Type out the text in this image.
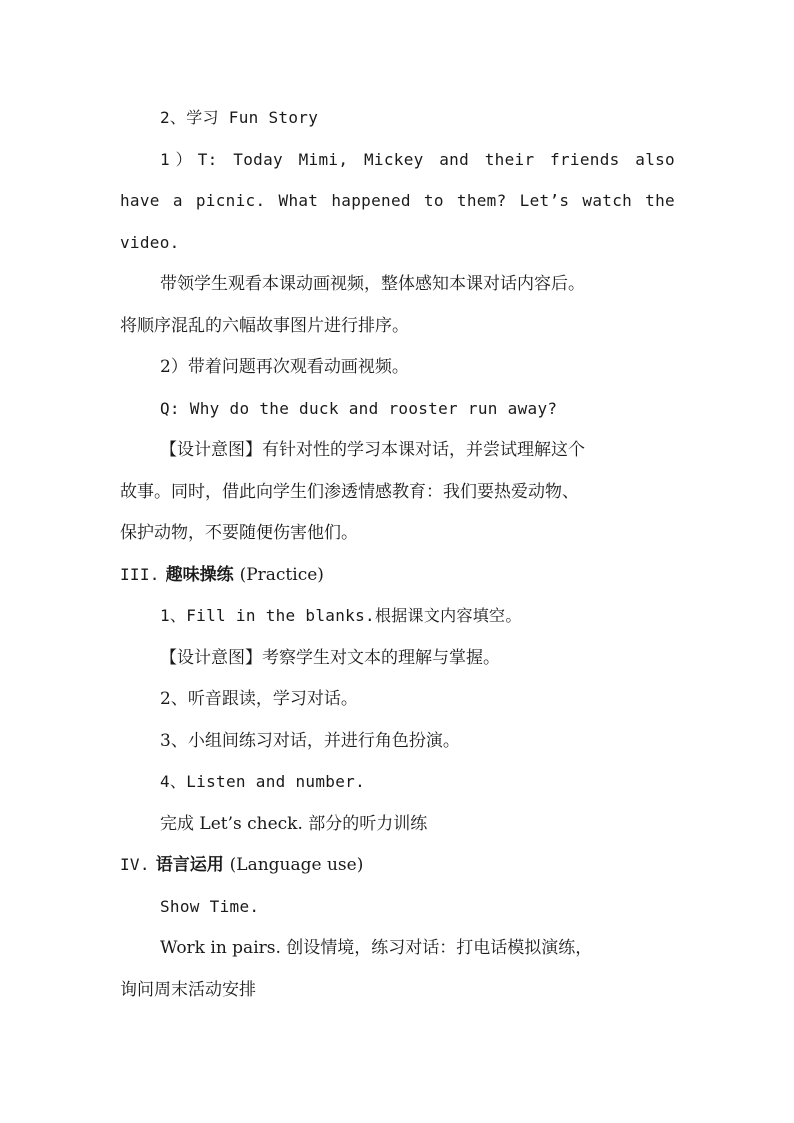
2、学习 Fun Story
1）T: Today Mimi, Mickey and their friends also
have a picnic. What happened to them? Let’s watch the
video.
带领学生观看本课动画视频，整体感知本课对话内容后。
将顺序混乱的六幅故事图片进行排序。
2）带着问题再次观看动画视频。
Q: Why do the duck and rooster run away?
【设计意图】有针对性的学习本课对话，并尝试理解这个
故事。同时，借此向学生们渗透情感教育：我们要热爱动物、
保护动物，不要随便伤害他们。
III. 趣味操练 (Practice)
1、Fill in the blanks.根据课文内容填空。
【设计意图】考察学生对文本的理解与掌握。
2、听音跟读，学习对话。
3、小组间练习对话，并进行角色扮演。
4、Listen and number.
完成 Let’s check. 部分的听力训练
IV. 语言运用 (Language use)
Show Time.
Work in pairs. 创设情境，练习对话：打电话模拟演练，
询问周末活动安排
